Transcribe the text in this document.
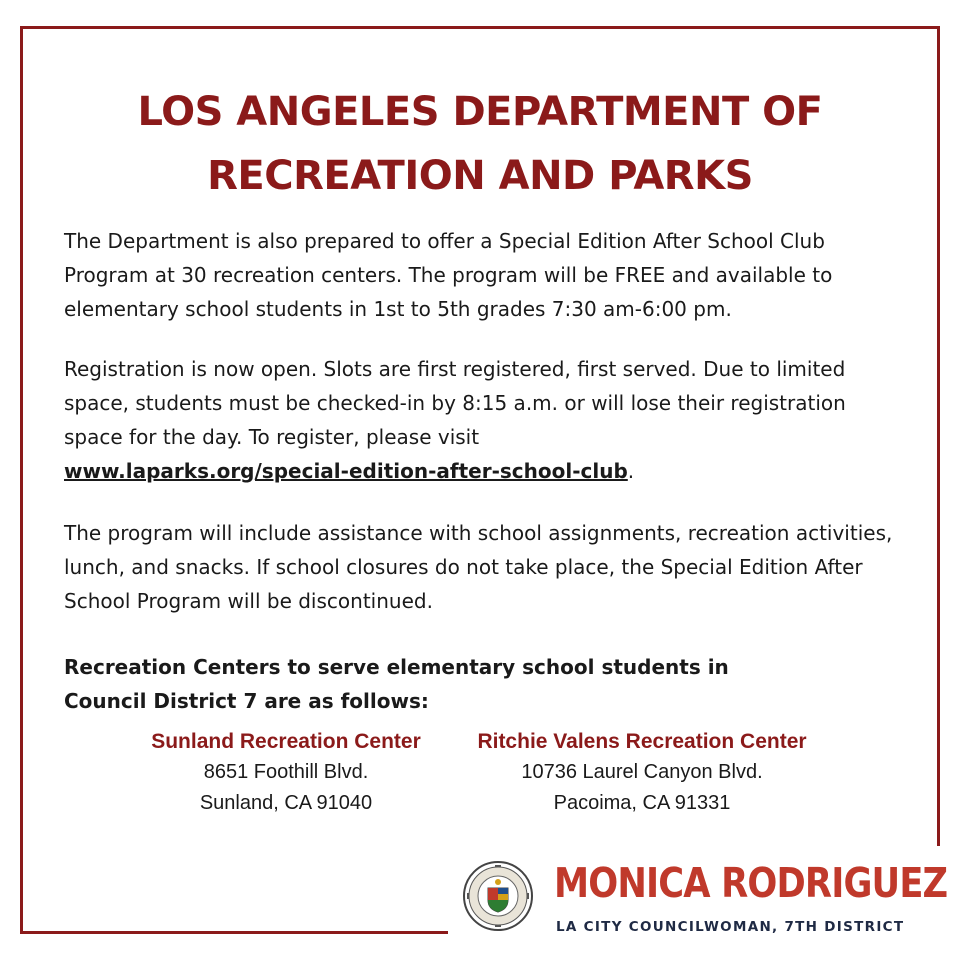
LOS ANGELES DEPARTMENT OF
RECREATION AND PARKS

The Department is also prepared to offer a Special Edition After School Club Program at 30 recreation centers. The program will be FREE and available to elementary school students in 1st to 5th grades 7:30 am-6:00 pm.

Registration is now open. Slots are first registered, first served. Due to limited space, students must be checked-in by 8:15 a.m. or will lose their registration space for the day. To register, please visit
www.laparks.org/special-edition-after-school-club.

The program will include assistance with school assignments, recreation activities, lunch, and snacks. If school closures do not take place, the Special Edition After School Program will be discontinued.

Recreation Centers to serve elementary school students in
Council District 7 are as follows:

Sunland Recreation Center
8651 Foothill Blvd.
Sunland, CA 91040
Ritchie Valens Recreation Center
10736 Laurel Canyon Blvd.
Pacoima, CA 91331
MONICA RODRIGUEZ
LA CITY COUNCILWOMAN, 7TH DISTRICT
